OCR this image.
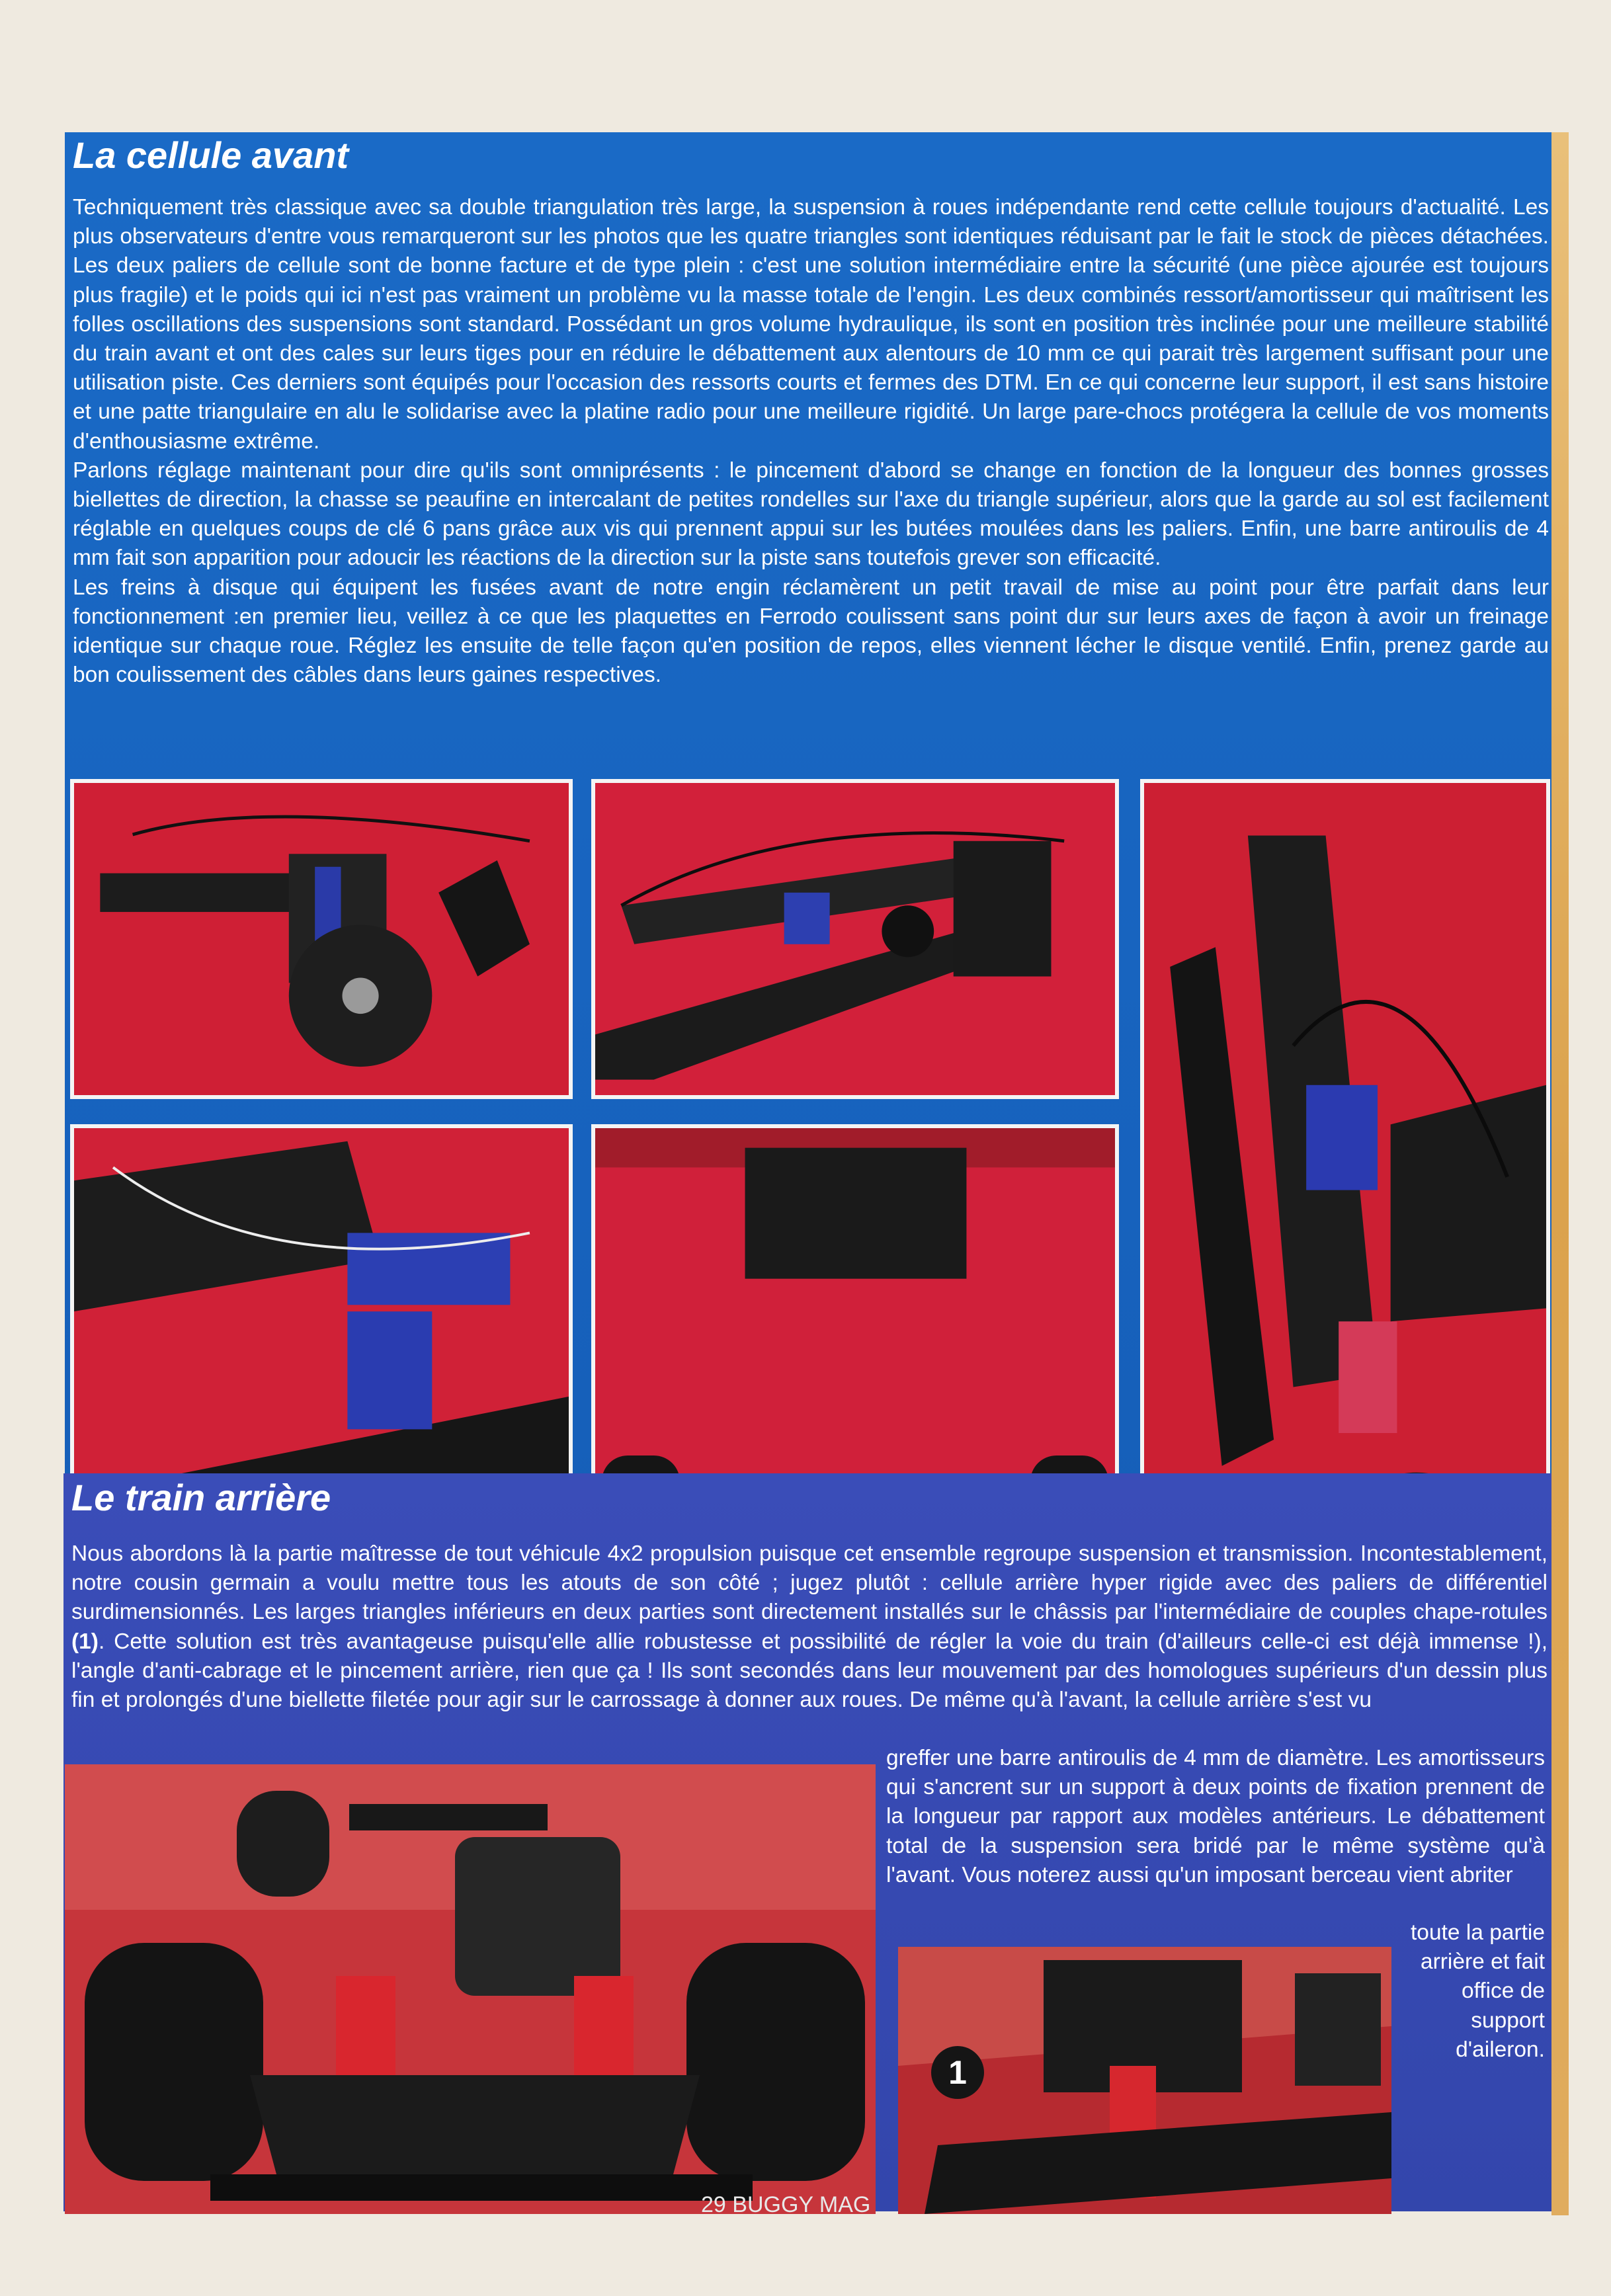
La cellule avant

Techniquement très classique avec sa double triangulation très large, la suspension à roues indépendante rend cette cellule toujours d'actualité. Les plus observateurs d'entre vous remarqueront sur les photos que les quatre triangles sont identiques réduisant par le fait le stock de pièces détachées. Les deux paliers de cellule sont de bonne facture et de type plein : c'est une solution intermédiaire entre la sécurité (une pièce ajourée est toujours plus fragile) et le poids qui ici n'est pas vraiment un problème vu la masse totale de l'engin. Les deux combinés ressort/amortisseur qui maîtrisent les folles oscillations des suspensions sont standard. Possédant un gros volume hydraulique, ils sont en position très inclinée pour une meilleure stabilité du train avant et ont des cales sur leurs tiges pour en réduire le débattement aux alentours de 10 mm ce qui parait très largement suffisant pour une utilisation piste. Ces derniers sont équipés pour l'occasion des ressorts courts et fermes des DTM. En ce qui concerne leur support, il est sans histoire et une patte triangulaire en alu le solidarise avec la platine radio pour une meilleure rigidité. Un large pare-chocs protégera la cellule de vos moments d'enthousiasme extrême.

Parlons réglage maintenant pour dire qu'ils sont omniprésents : le pincement d'abord se change en fonction de la longueur des bonnes grosses biellettes de direction, la chasse se peaufine en intercalant de petites rondelles sur l'axe du triangle supérieur, alors que la garde au sol est facilement réglable en quelques coups de clé 6 pans grâce aux vis qui prennent appui sur les butées moulées dans les paliers. Enfin, une barre antiroulis de 4 mm fait son apparition pour adoucir les réactions de la direction sur la piste sans toutefois grever son efficacité.

Les freins à disque qui équipent les fusées avant de notre engin réclamèrent un petit travail de mise au point pour être parfait dans leur fonctionnement :en premier lieu, veillez à ce que les plaquettes en Ferrodo coulissent sans point dur sur leurs axes de façon à avoir un freinage identique sur chaque roue. Réglez les ensuite de telle façon qu'en position de repos, elles viennent lécher le disque ventilé. Enfin, prenez garde au bon coulissement des câbles dans leurs gaines respectives.

Le train arrière

Nous abordons là la partie maîtresse de tout véhicule 4x2 propulsion puisque cet ensemble regroupe suspension et transmission. Incontestablement, notre cousin germain a voulu mettre tous les atouts de son côté ; jugez plutôt : cellule arrière hyper rigide avec des paliers de différentiel surdimensionnés. Les larges triangles inférieurs en deux parties sont directement installés sur le châssis par l'intermédiaire de couples chape-rotules (1). Cette solution est très avantageuse puisqu'elle allie robustesse et possibilité de régler la voie du train (d'ailleurs celle-ci est déjà immense !), l'angle d'anti-cabrage et le pincement arrière, rien que ça ! Ils sont secondés dans leur mouvement par des homologues supérieurs d'un dessin plus fin et prolongés d'une biellette filetée pour agir sur le carrossage à donner aux roues. De même qu'à l'avant, la cellule arrière s'est vu

greffer une barre antiroulis de 4 mm de diamètre. Les amortisseurs qui s'ancrent sur un support à deux points de fixation prennent de la longueur par rapport aux modèles antérieurs. Le débattement total de la suspension sera bridé par le même système qu'à l'avant. Vous noterez aussi qu'un imposant berceau vient abriter

toute la partie arrière et fait office de support d'aileron.

1
29 BUGGY MAG
